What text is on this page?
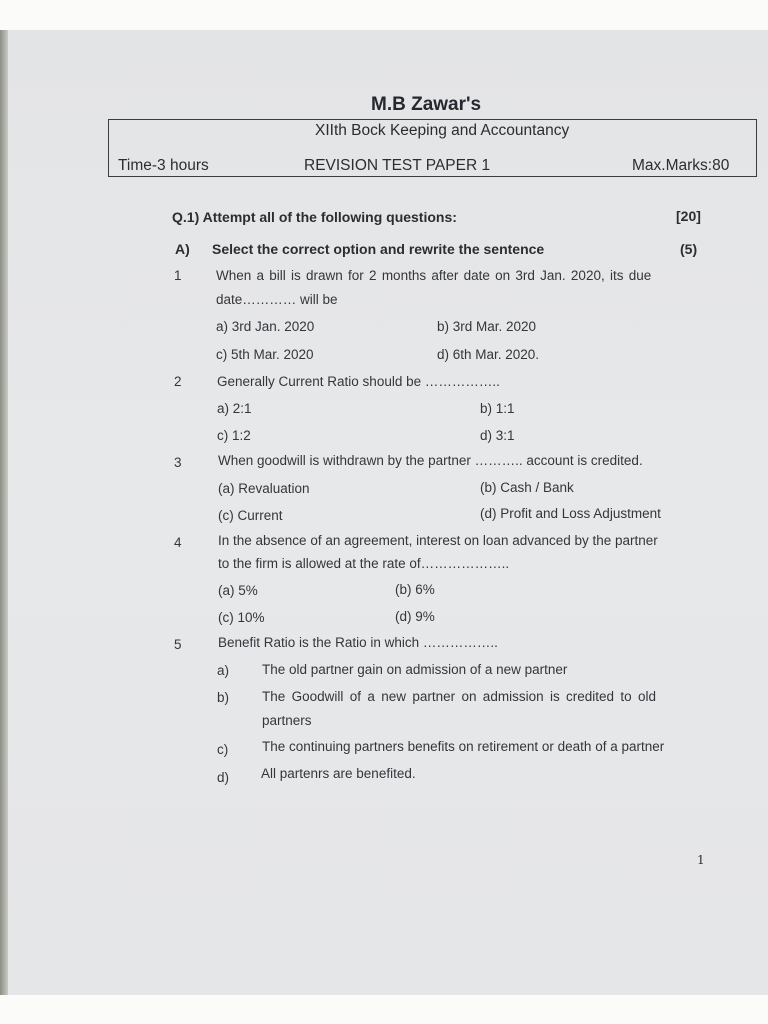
M.B Zawar's
XIIth Bock Keeping and Accountancy
Time-3 hours	REVISION TEST PAPER 1	Max.Marks:80
Q.1) Attempt all of the following questions:	[20]
A) Select the correct option and rewrite the sentence	(5)
1	When a bill is drawn for 2 months after date on 3rd Jan. 2020, its due
date………… will be
a) 3rd Jan. 2020	b) 3rd Mar. 2020
c) 5th Mar. 2020	d) 6th Mar. 2020.
2	Generally Current Ratio should be ……………..
a) 2:1	b) 1:1
c) 1:2	d) 3:1
3	When goodwill is withdrawn by the partner ……….. account is credited.
(a) Revaluation	(b) Cash / Bank
(c) Current	(d) Profit and Loss Adjustment
4	In the absence of an agreement, interest on loan advanced by the partner
to the firm is allowed at the rate of………………..
(a) 5%	(b) 6%
(c) 10%	(d) 9%
5	Benefit Ratio is the Ratio in which ……………..
a) The old partner gain on admission of a new partner
b) The Goodwill of a new partner on admission is credited to old
partners
c)	The continuing partners benefits on retirement or death of a partner
d) All partenrs are benefited.
1
